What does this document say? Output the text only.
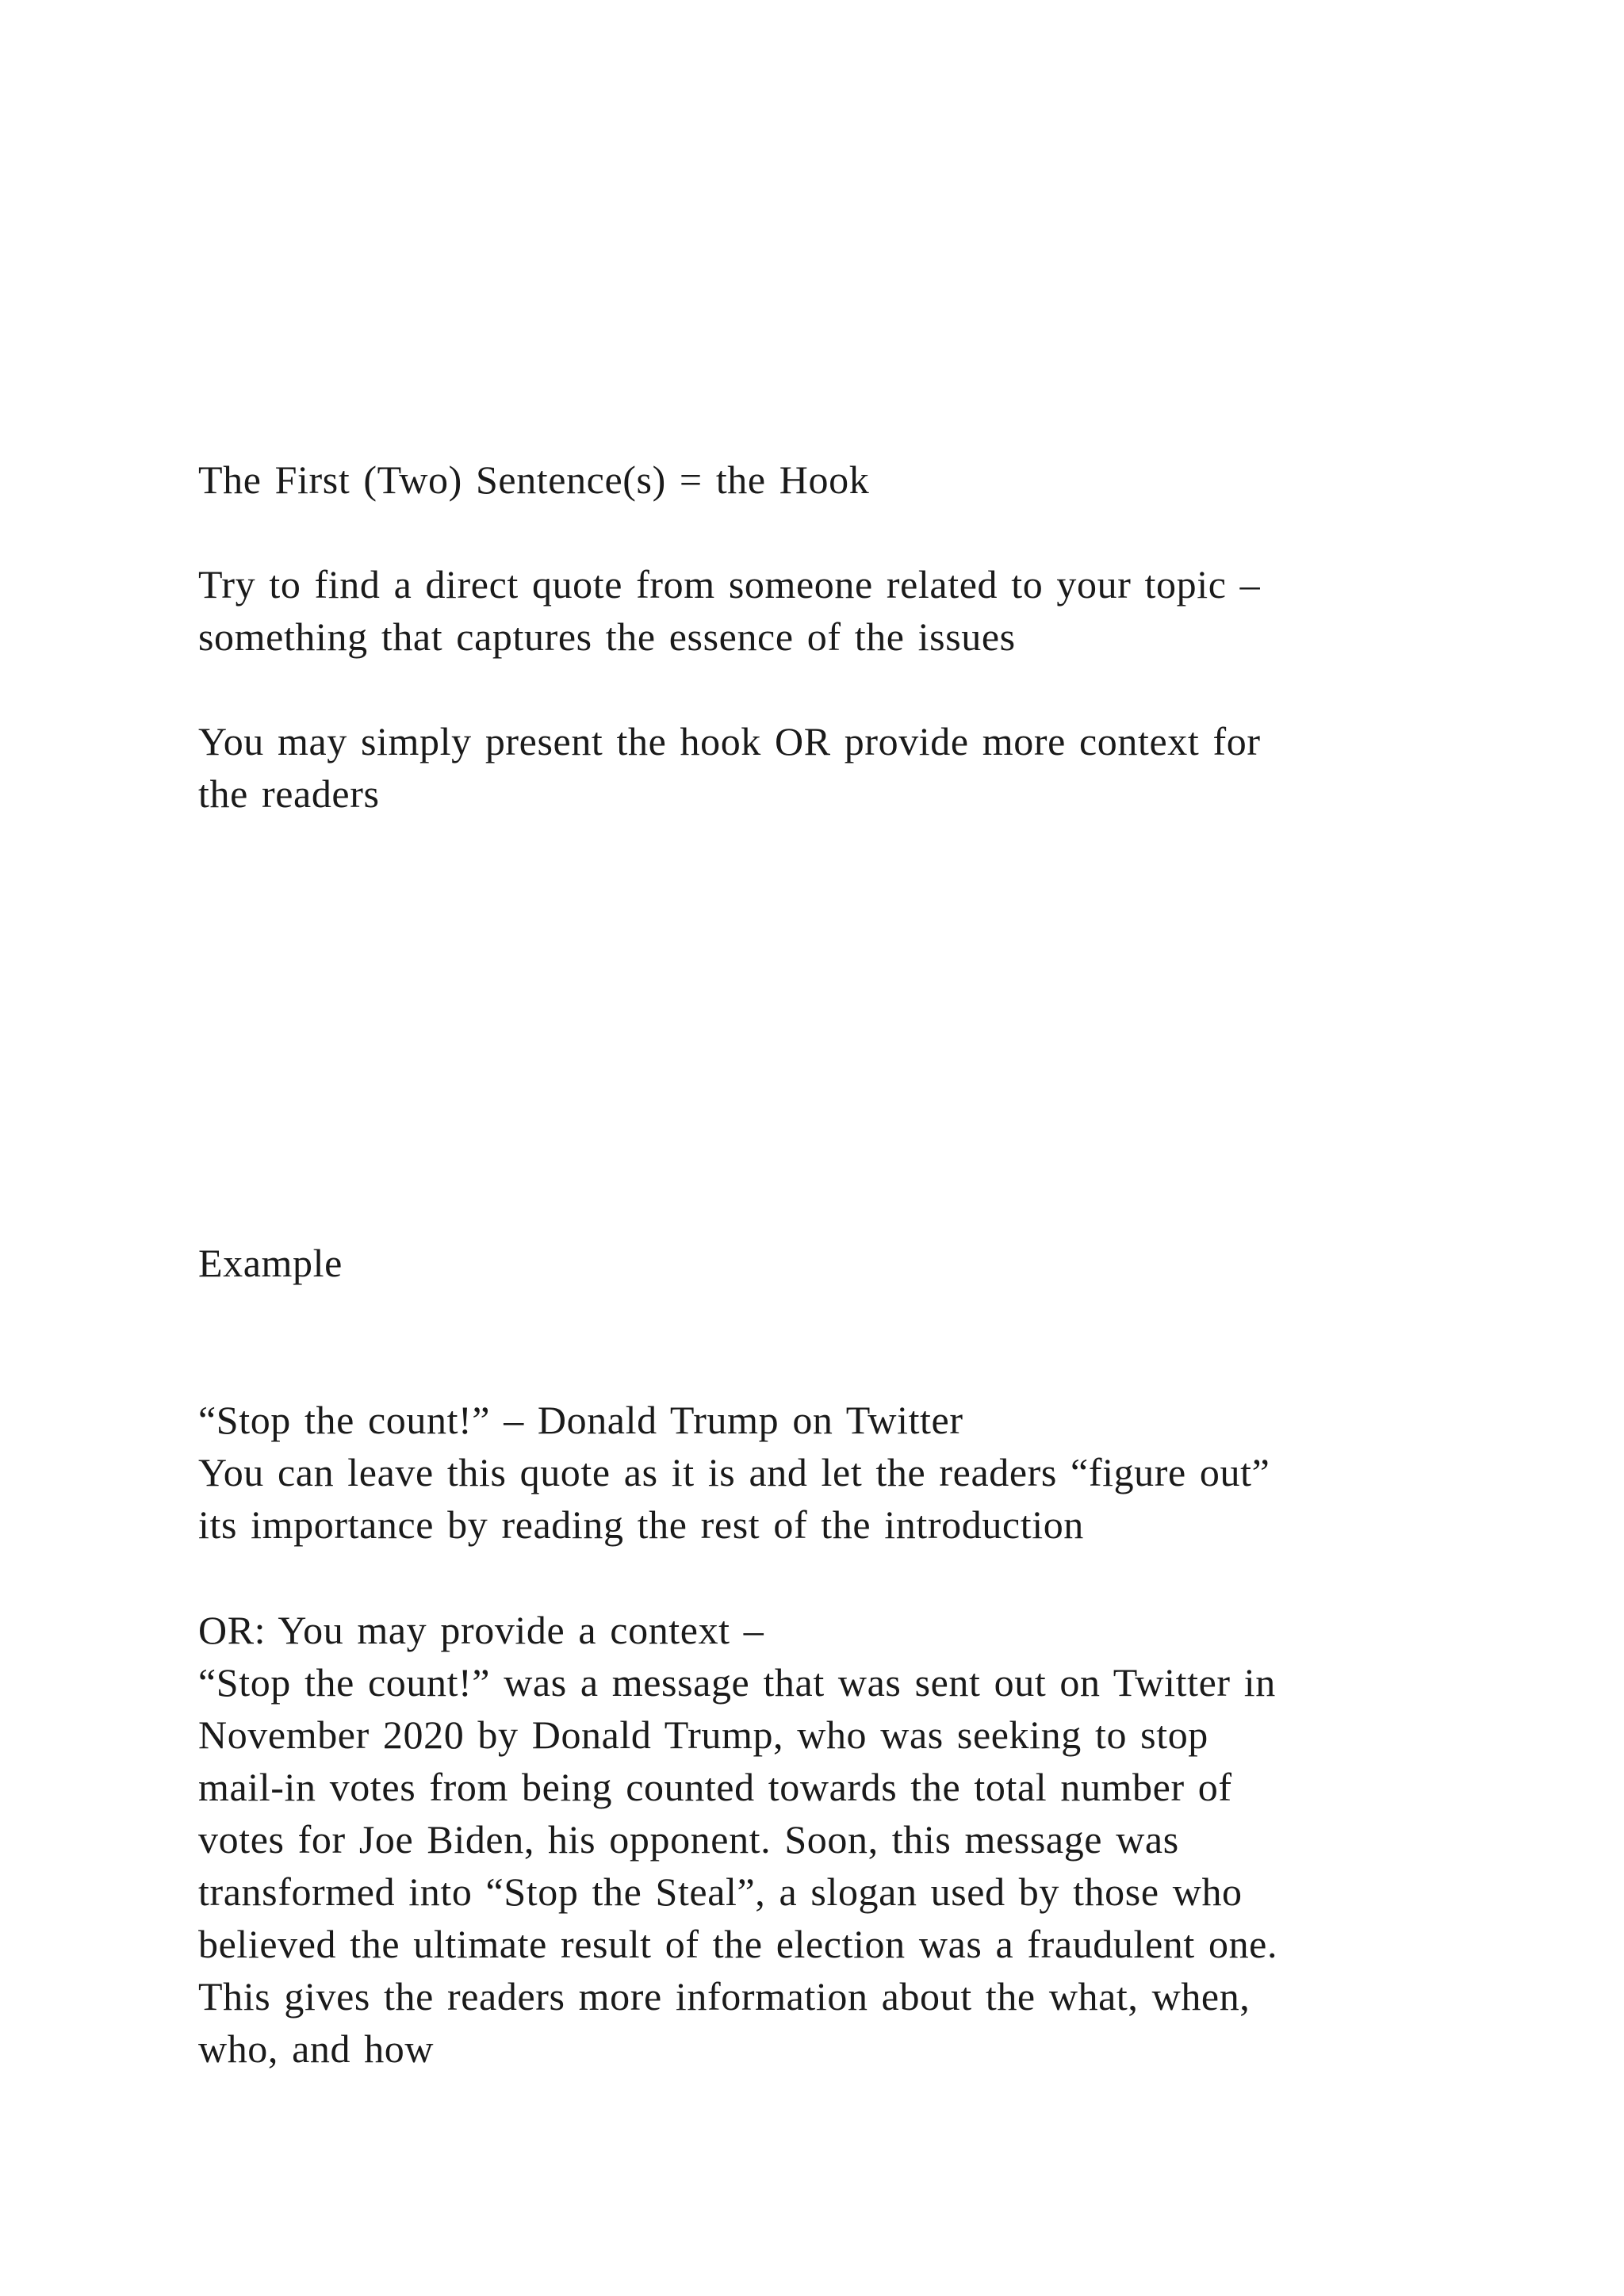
The First (Two) Sentence(s) = the Hook

Try to find a direct quote from someone related to your topic –
something that captures the essence of the issues

You may simply present the hook OR provide more context for
the readers

Example

“Stop the count!” – Donald Trump on Twitter
You can leave this quote as it is and let the readers “figure out”
its importance by reading the rest of the introduction

OR: You may provide a context –
“Stop the count!” was a message that was sent out on Twitter in
November 2020 by Donald Trump, who was seeking to stop
mail-in votes from being counted towards the total number of
votes for Joe Biden, his opponent. Soon, this message was
transformed into “Stop the Steal”, a slogan used by those who
believed the ultimate result of the election was a fraudulent one.
This gives the readers more information about the what, when,
who, and how
